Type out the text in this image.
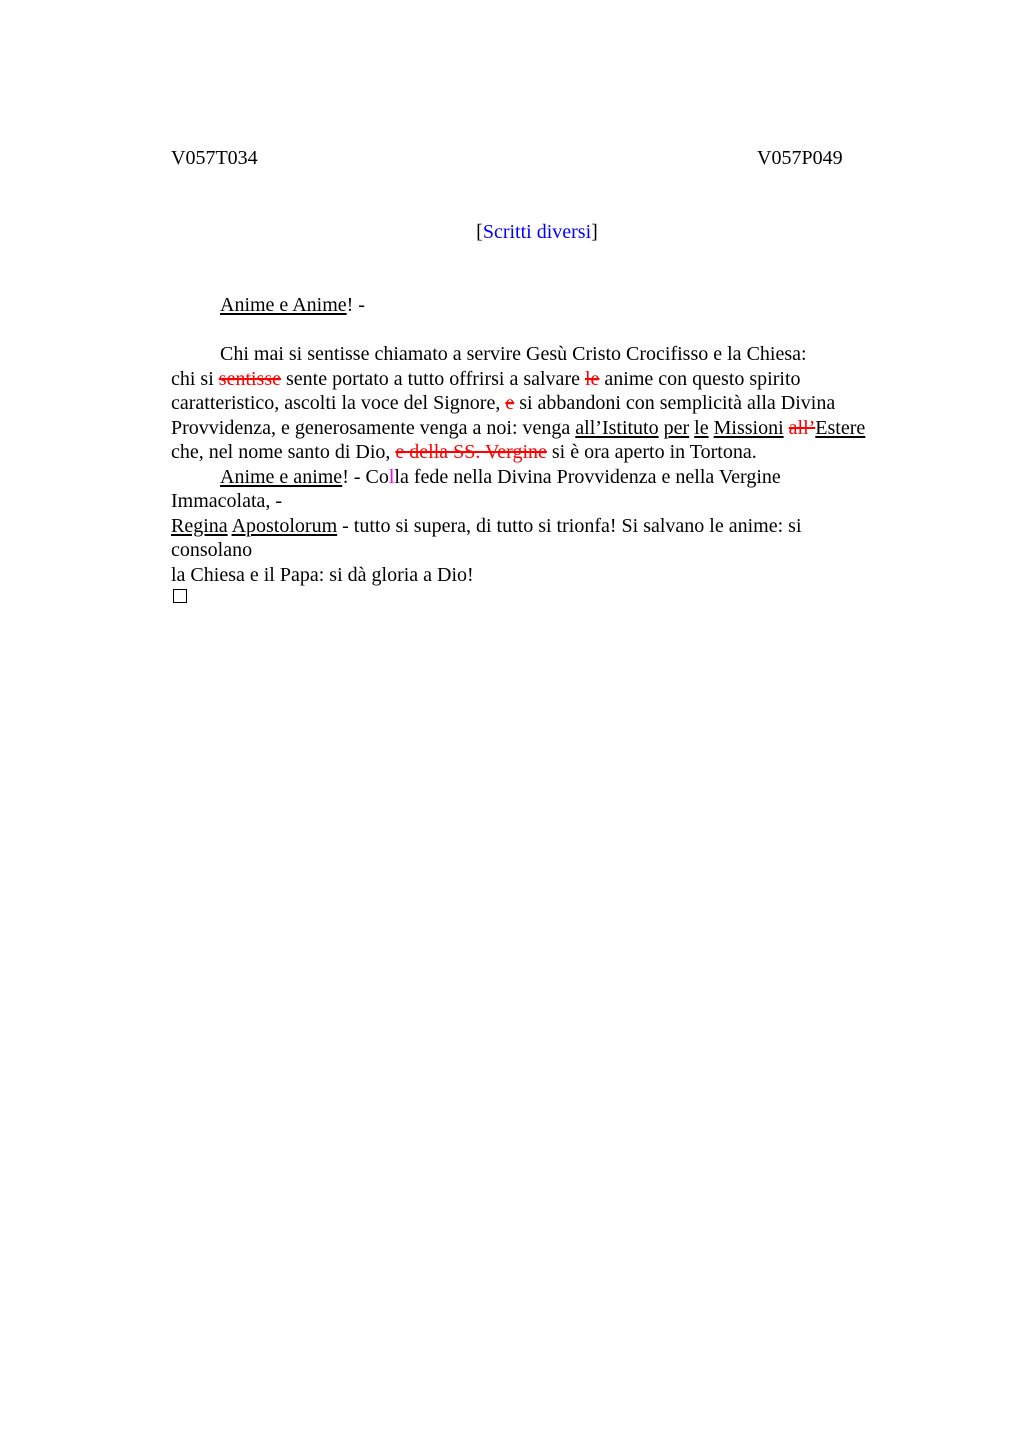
V057T034	V057P049
[Scritti diversi]
Anime e Anime! -
Chi mai si sentisse chiamato a servire Gesù Cristo Crocifisso e la Chiesa:
chi si sentisse sente portato a tutto offrirsi a salvare le anime con questo spirito
caratteristico, ascolti la voce del Signore, e si abbandoni con semplicità alla Divina
Provvidenza, e generosamente venga a noi: venga all’Istituto per le Missioni all’Estere
che, nel nome santo di Dio, e della SS. Vergine si è ora aperto in Tortona.
Anime e anime! - Colla fede nella Divina Provvidenza e nella Vergine
Immacolata, -
Regina Apostolorum - tutto si supera, di tutto si trionfa! Si salvano le anime: si
consolano
la Chiesa e il Papa: si dà gloria a Dio!
